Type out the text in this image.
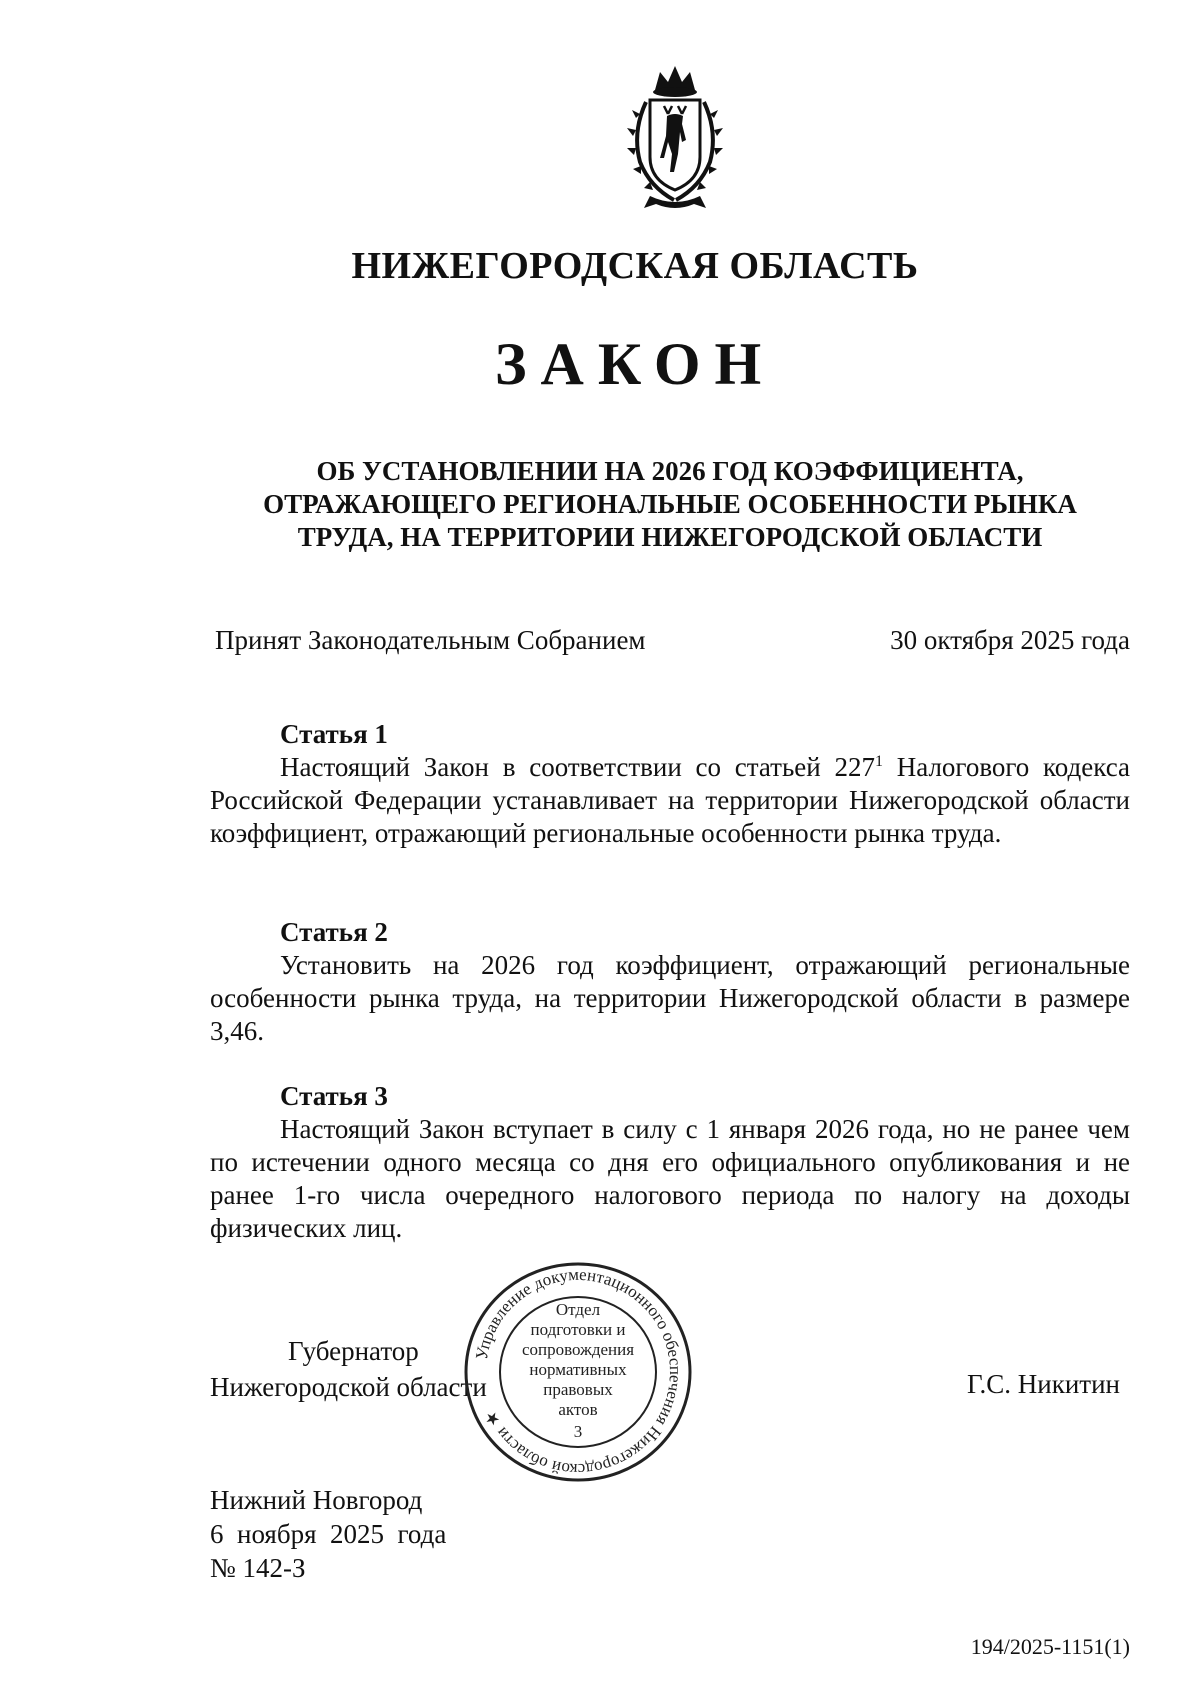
НИЖЕГОРОДСКАЯ ОБЛАСТЬ
ЗАКОН
ОБ УСТАНОВЛЕНИИ НА 2026 ГОД КОЭФФИЦИЕНТА,
ОТРАЖАЮЩЕГО РЕГИОНАЛЬНЫЕ ОСОБЕННОСТИ РЫНКА
ТРУДА, НА ТЕРРИТОРИИ НИЖЕГОРОДСКОЙ ОБЛАСТИ
Принят Законодательным Собранием	30 октября 2025 года
Статья 1
Настоящий Закон в соответствии со статьей $227^1$ Налогового кодекса Российской Федерации устанавливает на территории Нижегородской области коэффициент, отражающий региональные особенности рынка труда.
Статья 2
Установить на 2026 год коэффициент, отражающий региональные особенности рынка труда, на территории Нижегородской области в размере 3,46.
Статья 3
Настоящий Закон вступает в силу с 1 января 2026 года, но не ранее чем по истечении одного месяца со дня его официального опубликования и не ранее 1-го числа очередного налогового периода по налогу на доходы физических лиц.
Губернатор
Нижегородской области	Г.С. Никитин
Управление документационного обеспечения Нижегородской области ★
Отдел
подготовки и
сопровождения
нормативных
правовых
актов
3
Нижний Новгород
6  ноября  2025  года
№ 142-З
194/2025-1151(1)
